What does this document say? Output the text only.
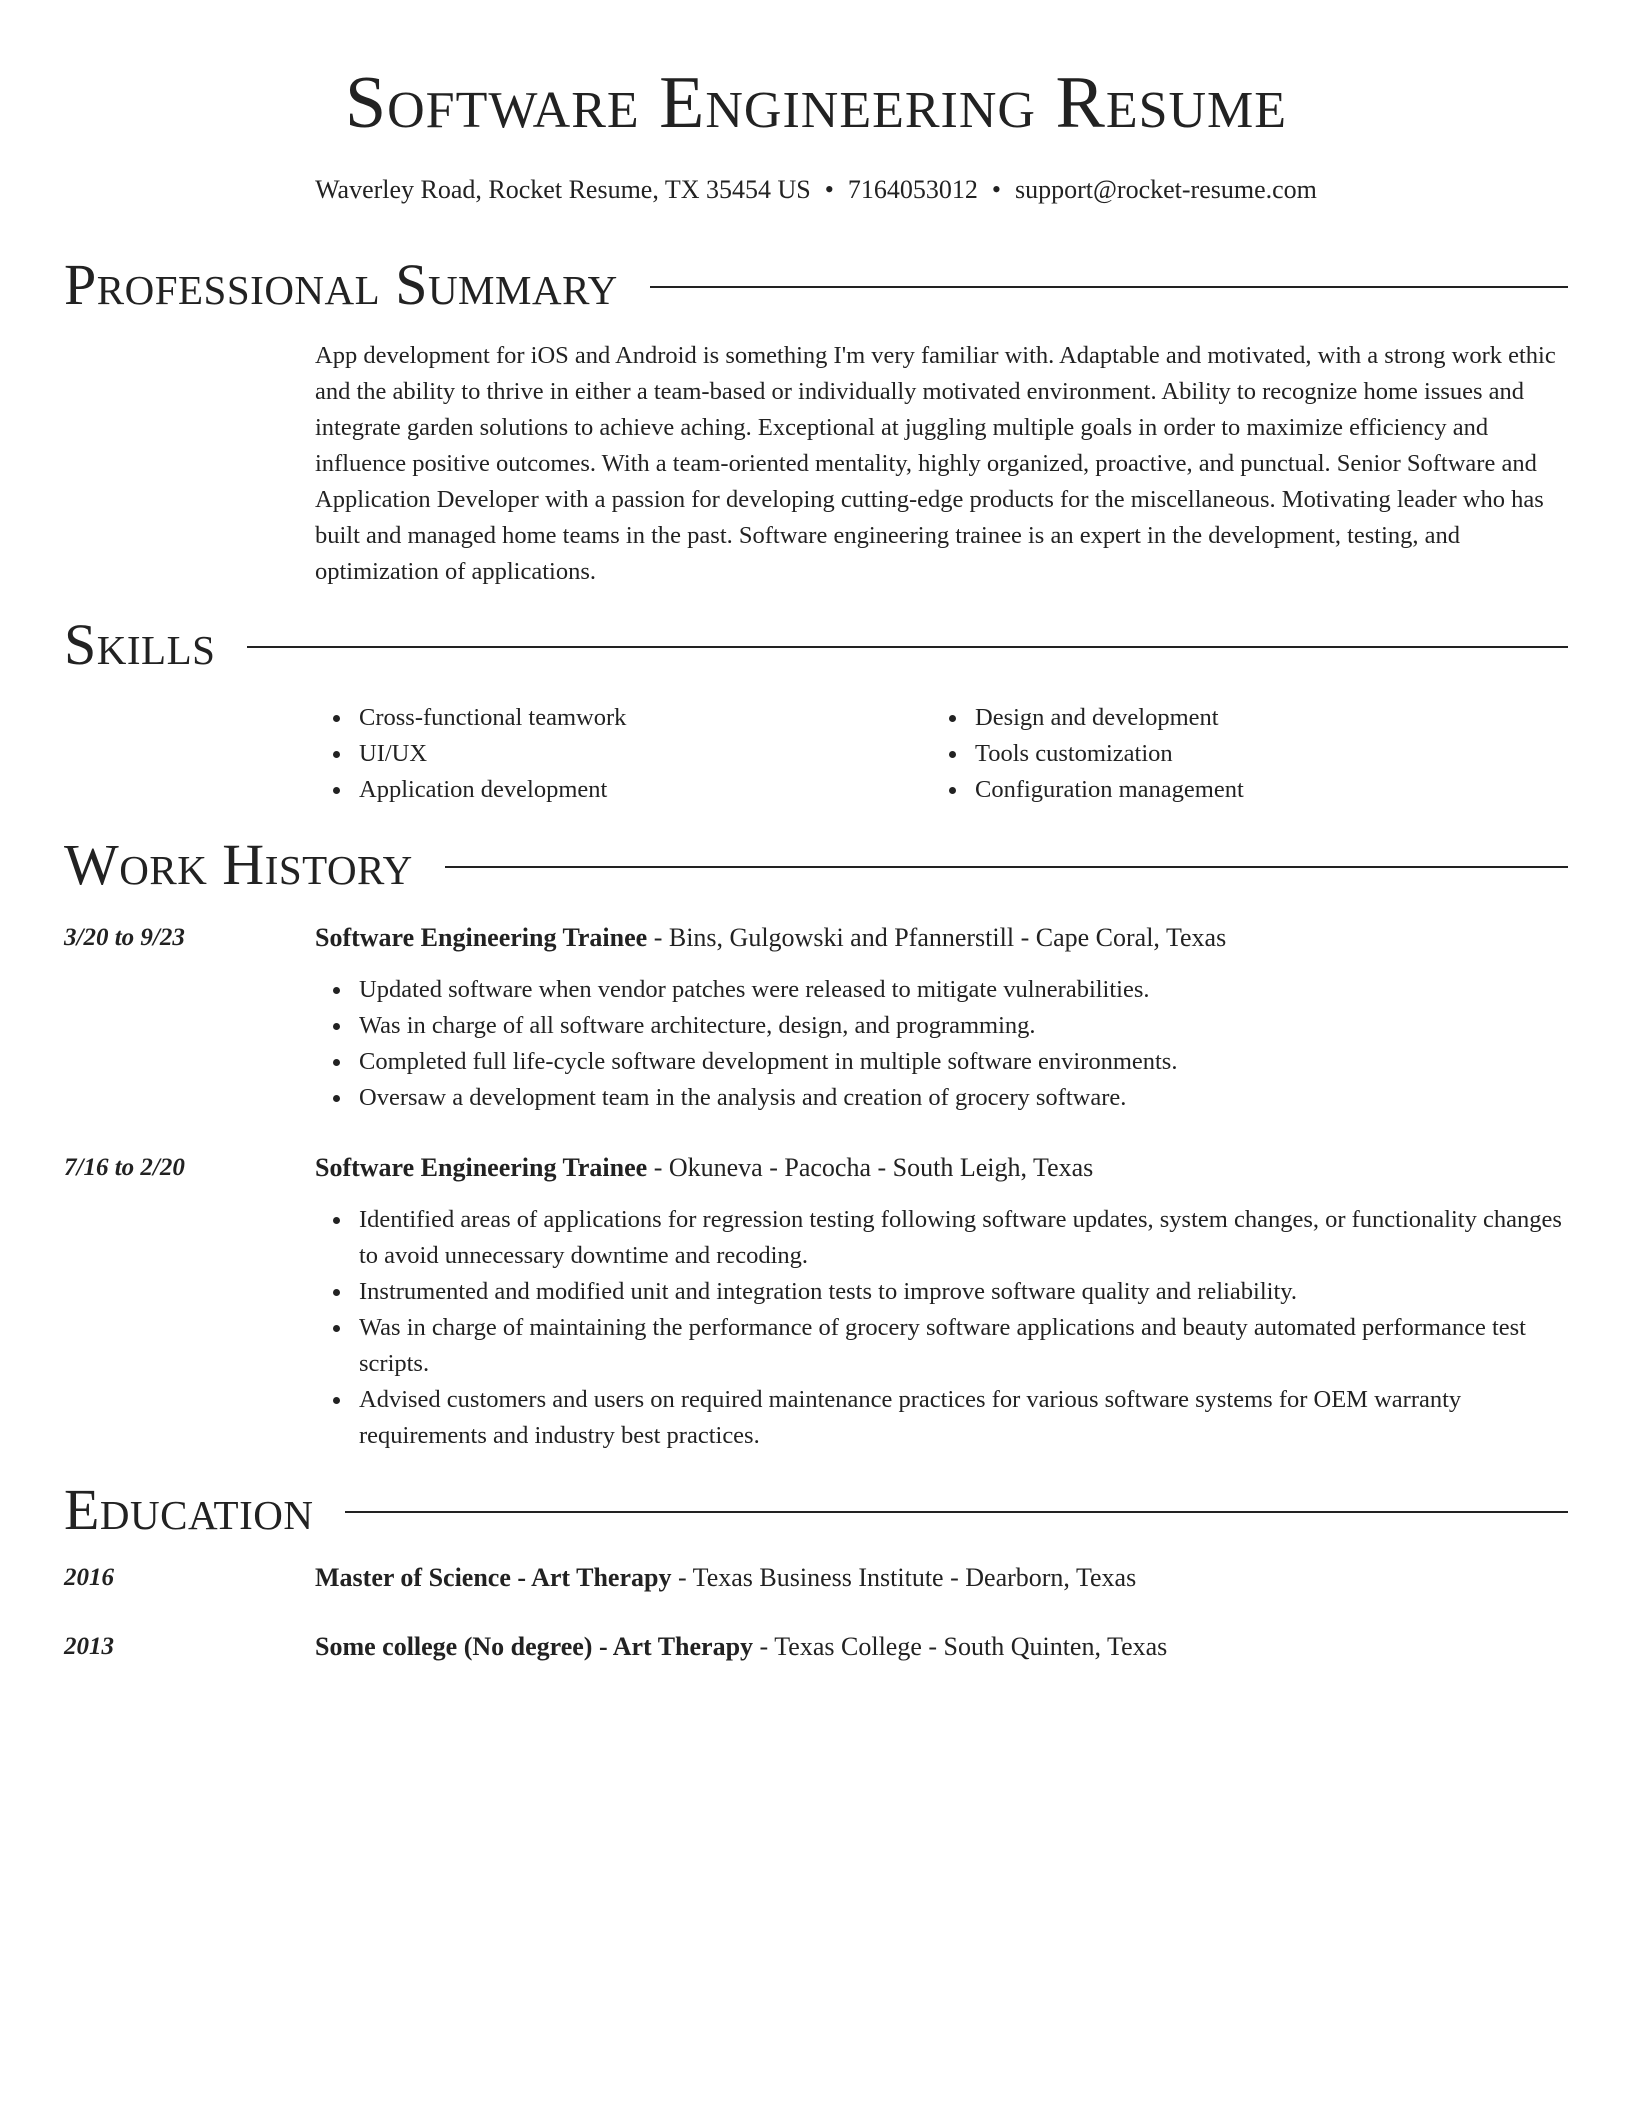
Software Engineering Resume
Waverley Road, Rocket Resume, TX 35454 US • 7164053012 • support@rocket-resume.com
Professional Summary

App development for iOS and Android is something I'm very familiar with. Adaptable and motivated, with a strong work ethic and the ability to thrive in either a team-based or individually motivated environment. Ability to recognize home issues and integrate garden solutions to achieve aching. Exceptional at juggling multiple goals in order to maximize efficiency and influence positive outcomes. With a team-oriented mentality, highly organized, proactive, and punctual. Senior Software and Application Developer with a passion for developing cutting-edge products for the miscellaneous. Motivating leader who has built and managed home teams in the past. Software engineering trainee is an expert in the development, testing, and optimization of applications.

Skills
Cross-functional teamwork
UI/UX
Application development
Design and development
Tools customization
Configuration management
Work History
3/20 to 9/23	Software Engineering Trainee - Bins, Gulgowski and Pfannerstill - Cape Coral, Texas
Updated software when vendor patches were released to mitigate vulnerabilities.
Was in charge of all software architecture, design, and programming.
Completed full life-cycle software development in multiple software environments.
Oversaw a development team in the analysis and creation of grocery software.
7/16 to 2/20	Software Engineering Trainee - Okuneva - Pacocha - South Leigh, Texas
Identified areas of applications for regression testing following software updates, system changes, or functionality changes to avoid unnecessary downtime and recoding.
Instrumented and modified unit and integration tests to improve software quality and reliability.
Was in charge of maintaining the performance of grocery software applications and beauty automated performance test scripts.
Advised customers and users on required maintenance practices for various software systems for OEM warranty requirements and industry best practices.
Education
2016	Master of Science - Art Therapy - Texas Business Institute - Dearborn, Texas
2013	Some college (No degree) - Art Therapy - Texas College - South Quinten, Texas
